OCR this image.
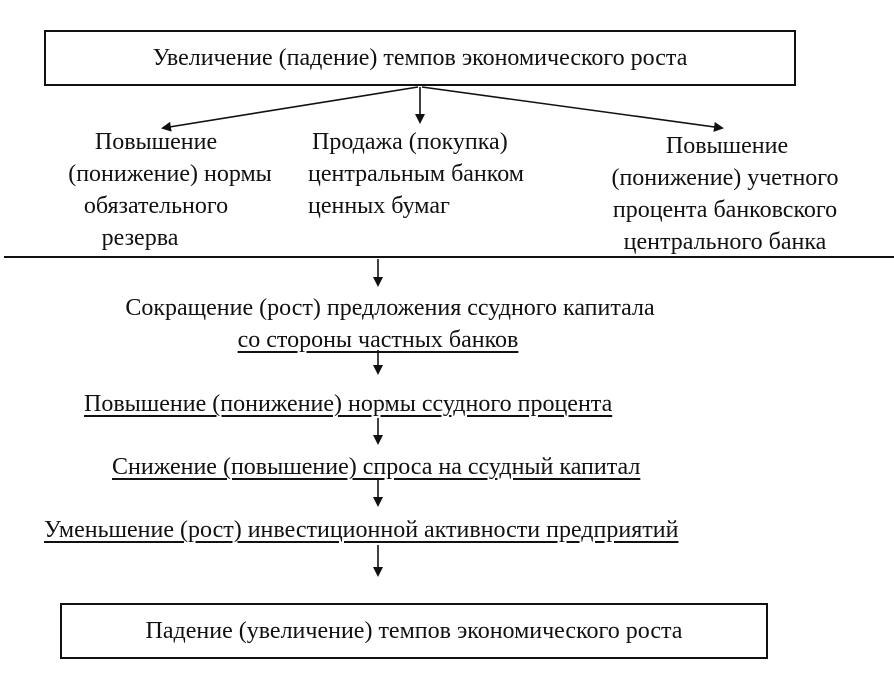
Увеличение (падение) темпов экономического роста
Повышение
(понижение) нормы
обязательного
резерва
Продажа (покупка)
центральным банком
ценных бумаг
Повышение
(понижение) учетного
процента банковского
центрального банка
Сокращение (рост) предложения ссудного капитала
со стороны частных банков
Повышение (понижение) нормы ссудного процента
Снижение (повышение) спроса на ссудный капитал
Уменьшение (рост) инвестиционной активности предприятий
Падение (увеличение) темпов экономического роста
